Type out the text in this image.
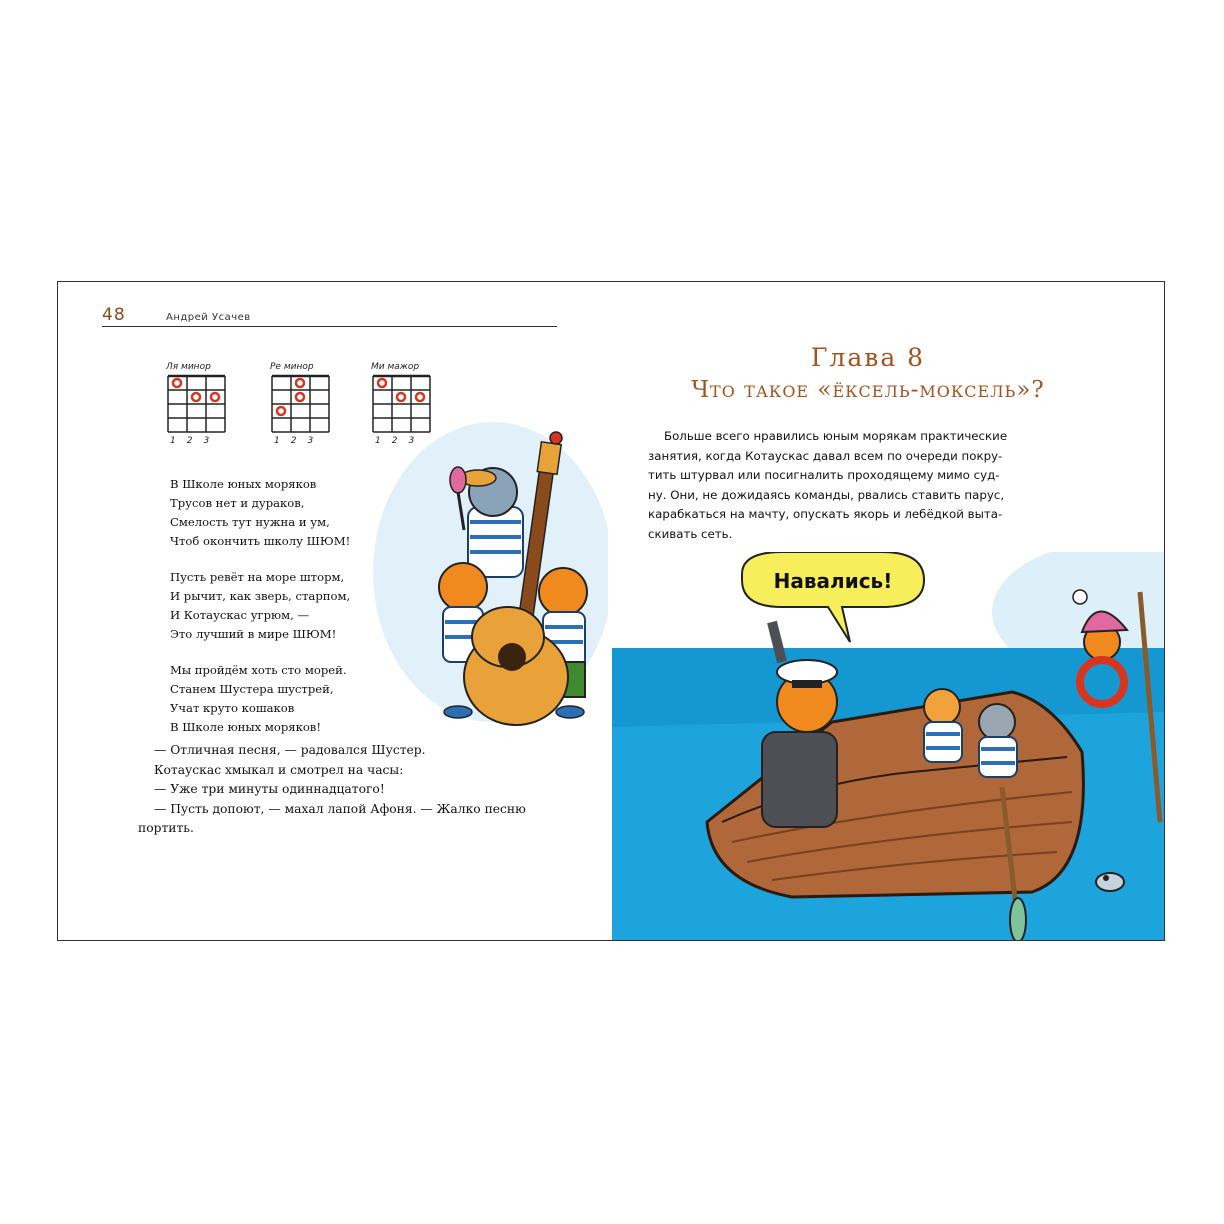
48	Андрей Усачев
Ля минор
1 2 3
Ре минор
1 2 3
Ми мажор
1 2 3
В Школе юных моряков
Трусов нет и дураков,
Смелость тут нужна и ум,
Чтоб окончить школу ШЮМ!
Пусть ревёт на море шторм,
И рычит, как зверь, старпом,
И Котаускас угрюм, —
Это лучший в мире ШЮМ!
Мы пройдём хоть сто морей.
Станем Шустера шустрей,
Учат круто кошаков
В Школе юных моряков!
— Отличная песня, — радовался Шустер.
Котаускас хмыкал и смотрел на часы:
— Уже три минуты одиннадцатого!
— Пусть допоют, — махал лапой Афоня. — Жалко песню
портить.
Глава 8
Что такое «ёксель-моксель»?
Больше всего нравились юным морякам практические
занятия, когда Котаускас давал всем по очереди покру-
тить штурвал или посигналить проходящему мимо суд-
ну. Они, не дожидаясь команды, рвались ставить парус,
карабкаться на мачту, опускать якорь и лебёдкой выта-
скивать сеть.
Навались!
